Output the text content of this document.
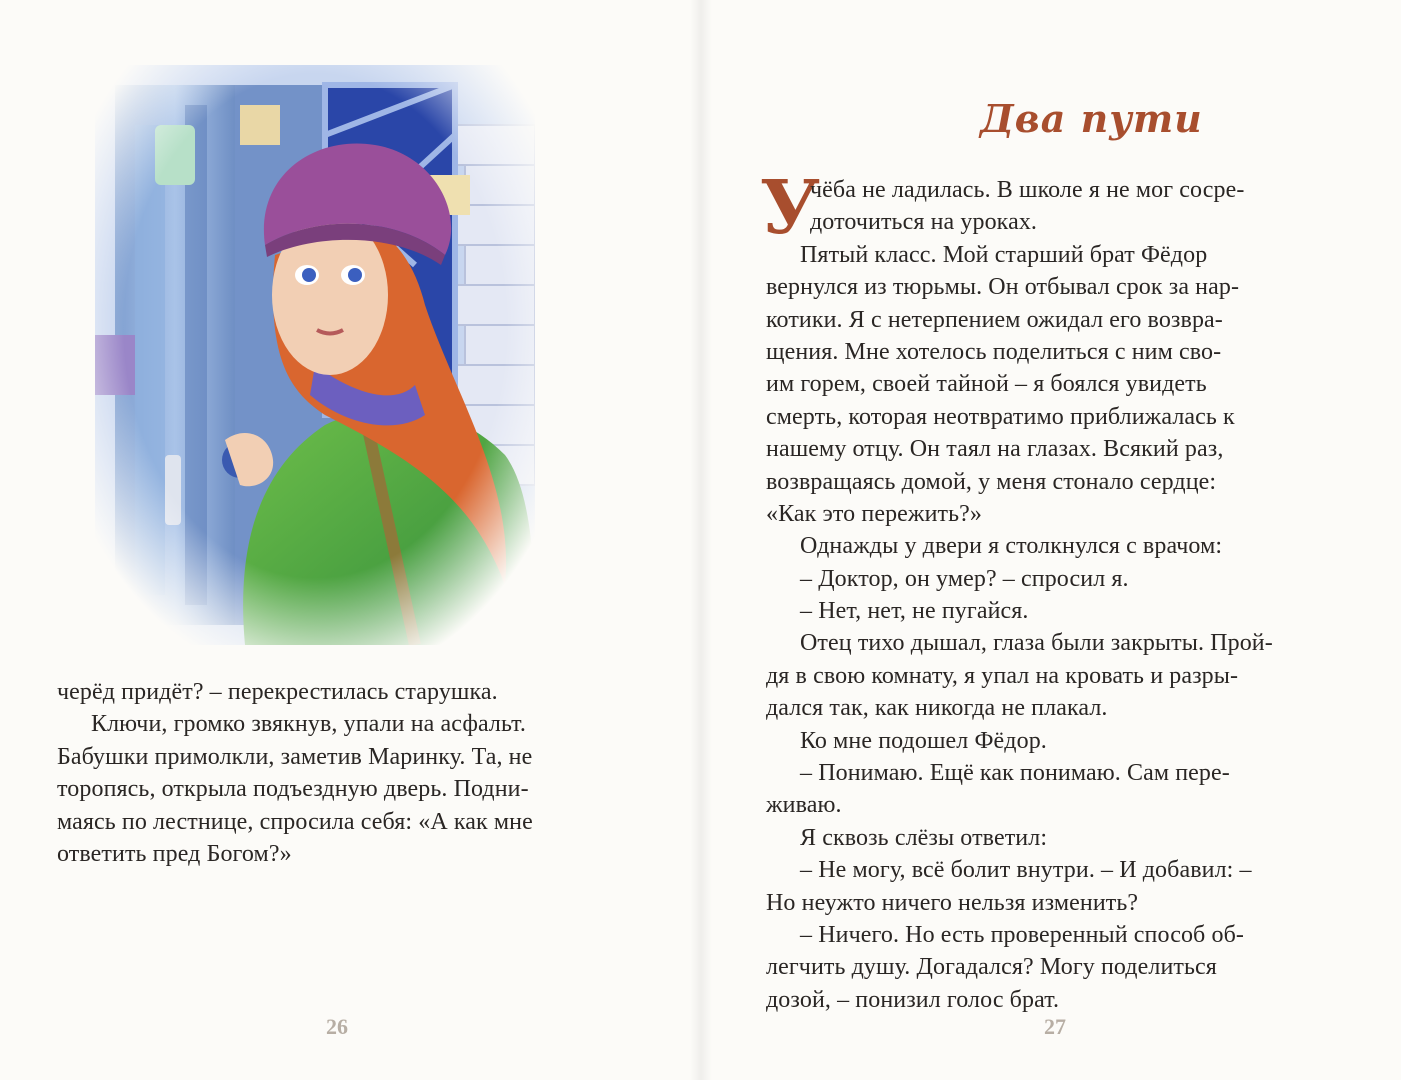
черёд придёт? – перекрестилась старушка.
Ключи, громко звякнув, упали на асфальт.
Бабушки примолкли, заметив Маринку. Та, не
торопясь, открыла подъездную дверь. Подни-
маясь по лестнице, спросила себя: «А как мне
ответить пред Богом?»
26
Два пути
У
чёба не ладилась. В школе я не мог сосре-
доточиться на уроках.
Пятый класс. Мой старший брат Фёдор
вернулся из тюрьмы. Он отбывал срок за нар-
котики. Я с нетерпением ожидал его возвра-
щения. Мне хотелось поделиться с ним сво-
им горем, своей тайной – я боялся увидеть
смерть, которая неотвратимо приближалась к
нашему отцу. Он таял на глазах. Всякий раз,
возвращаясь домой, у меня стонало сердце:
«Как это пережить?»
Однажды у двери я столкнулся с врачом:
– Доктор, он умер? – спросил я.
– Нет, нет, не пугайся.
Отец тихо дышал, глаза были закрыты. Прой-
дя в свою комнату, я упал на кровать и разры-
дался так, как никогда не плакал.
Ко мне подошел Фёдор.
– Понимаю. Ещё как понимаю. Сам пере-
живаю.
Я сквозь слёзы ответил:
– Не могу, всё болит внутри. – И добавил: –
Но неужто ничего нельзя изменить?
– Ничего. Но есть проверенный способ об-
легчить душу. Догадался? Могу поделиться
дозой, – понизил голос брат.
27
